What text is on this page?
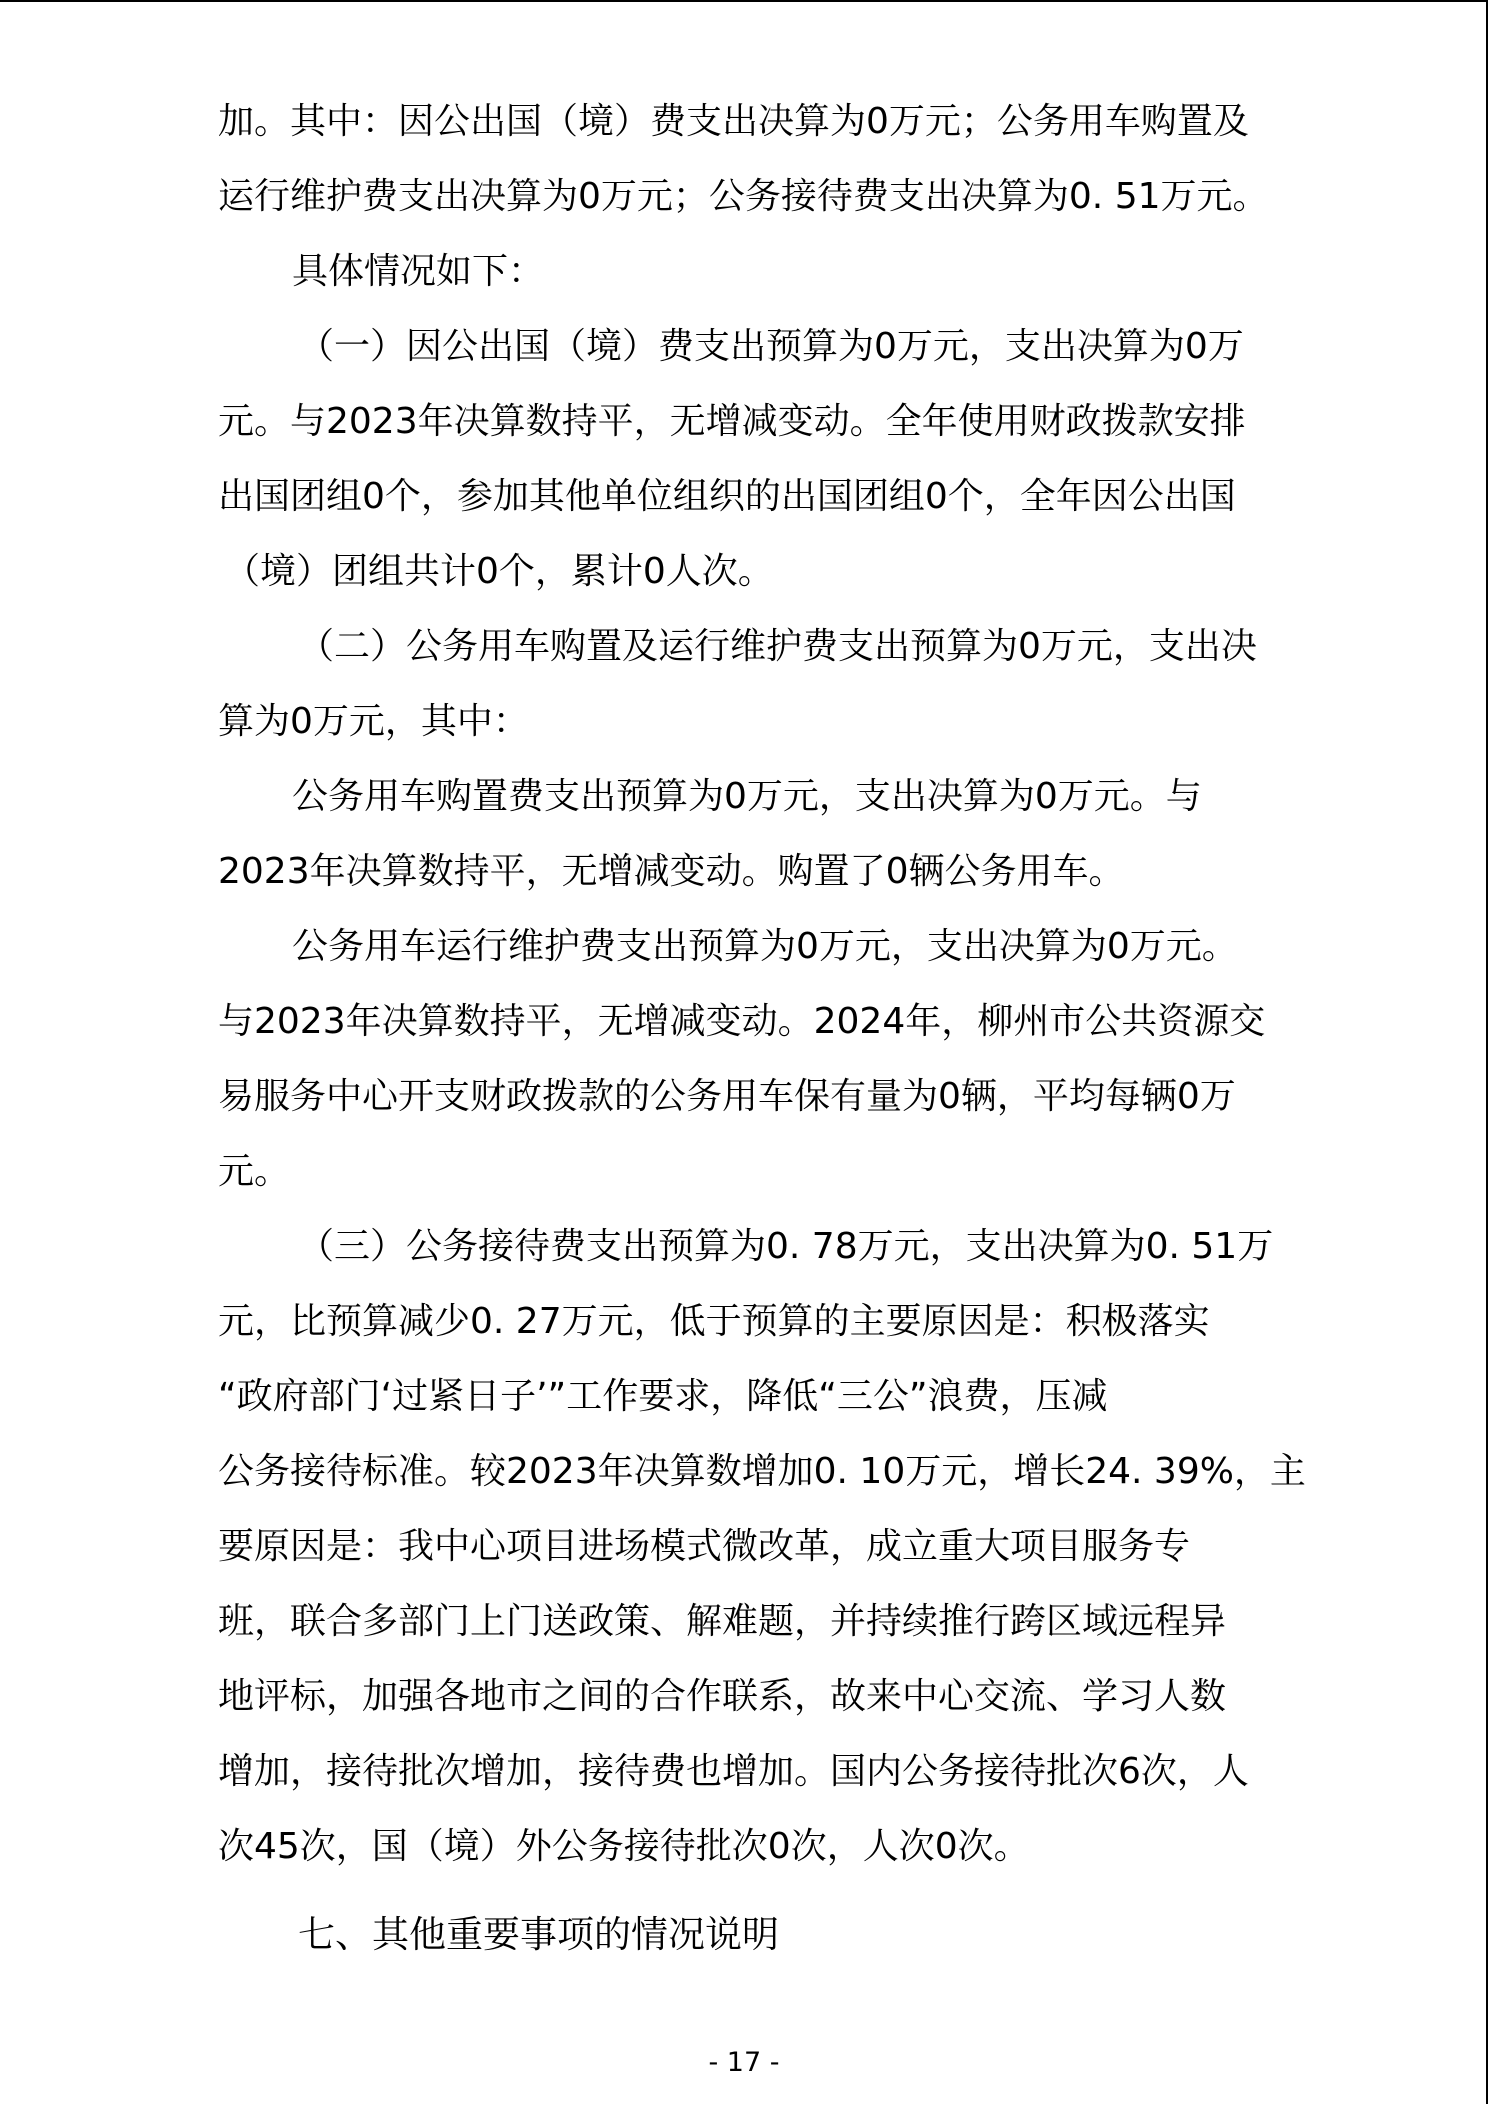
加。其中：因公出国（境）费支出决算为0万元；公务用车购置及
运行维护费支出决算为0万元；公务接待费支出决算为0. 51万元。
具体情况如下：
（一）因公出国（境）费支出预算为0万元，支出决算为0万
元。与2023年决算数持平，无增减变动。全年使用财政拨款安排
出国团组0个，参加其他单位组织的出国团组0个，全年因公出国
（境）团组共计0个，累计0人次。
（二）公务用车购置及运行维护费支出预算为0万元，支出决
算为0万元，其中：
公务用车购置费支出预算为0万元，支出决算为0万元。与
2023年决算数持平，无增减变动。购置了0辆公务用车。
公务用车运行维护费支出预算为0万元，支出决算为0万元。
与2023年决算数持平，无增减变动。2024年，柳州市公共资源交
易服务中心开支财政拨款的公务用车保有量为0辆，平均每辆0万
元。
（三）公务接待费支出预算为0. 78万元，支出决算为0. 51万
元，比预算减少0. 27万元，低于预算的主要原因是：积极落实
“政府部门‘过紧日子’”工作要求，降低“三公”浪费，压减
公务接待标准。较2023年决算数增加0. 10万元，增长24. 39%，主
要原因是：我中心项目进场模式微改革，成立重大项目服务专
班，联合多部门上门送政策、解难题，并持续推行跨区域远程异
地评标，加强各地市之间的合作联系，故来中心交流、学习人数
增加，接待批次增加，接待费也增加。国内公务接待批次6次，人
次45次，国（境）外公务接待批次0次，人次0次。
七、其他重要事项的情况说明
- 17 -
